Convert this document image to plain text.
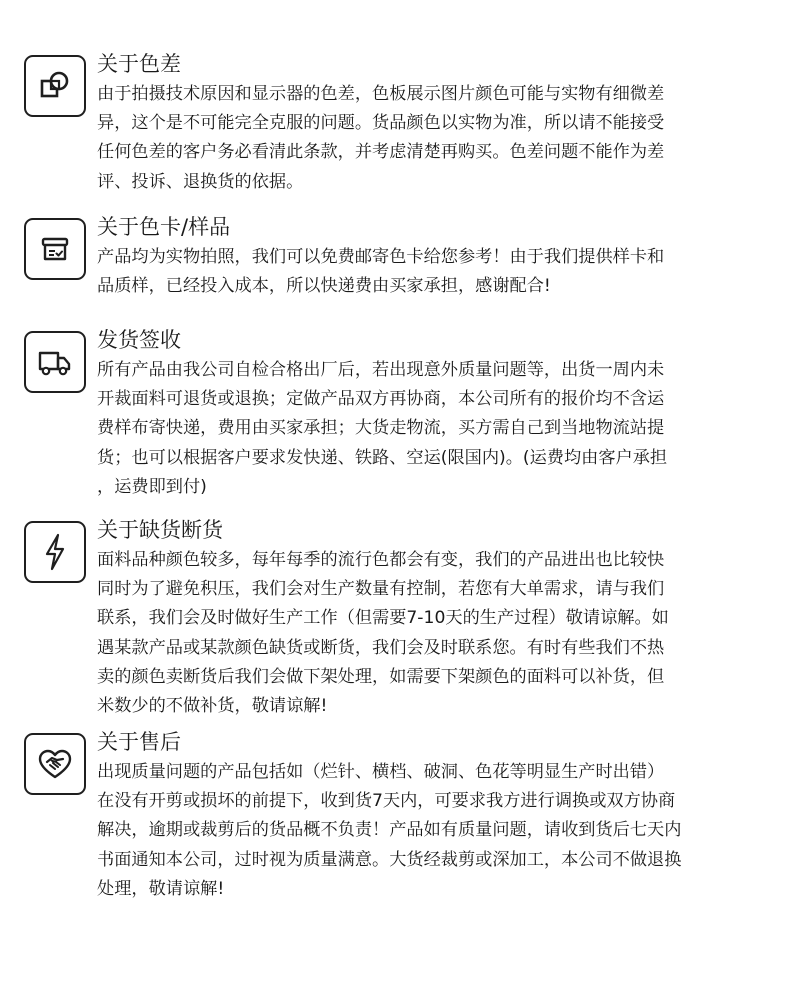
关于色差
由于拍摄技术原因和显示器的色差，色板展示图片颜色可能与实物有细微差
异，这个是不可能完全克服的问题。货品颜色以实物为准，所以请不能接受
任何色差的客户务必看清此条款，并考虑清楚再购买。色差问题不能作为差
评、投诉、退换货的依据。
关于色卡/样品
产品均为实物拍照，我们可以免费邮寄色卡给您参考！由于我们提供样卡和
品质样，已经投入成本，所以快递费由买家承担，感谢配合!
发货签收
所有产品由我公司自检合格出厂后，若出现意外质量问题等，出货一周内未
开裁面料可退货或退换；定做产品双方再协商，本公司所有的报价均不含运
费样布寄快递，费用由买家承担；大货走物流，买方需自己到当地物流站提
货；也可以根据客户要求发快递、铁路、空运(限国内)。(运费均由客户承担
，运费即到付)
关于缺货断货
面料品种颜色较多，每年每季的流行色都会有变，我们的产品进出也比较快
同时为了避免积压，我们会对生产数量有控制，若您有大单需求，请与我们
联系，我们会及时做好生产工作（但需要7-10天的生产过程）敬请谅解。如
遇某款产品或某款颜色缺货或断货，我们会及时联系您。有时有些我们不热
卖的颜色卖断货后我们会做下架处理，如需要下架颜色的面料可以补货，但
米数少的不做补货，敬请谅解!
关于售后
出现质量问题的产品包括如（烂针、横档、破洞、色花等明显生产时出错）
在没有开剪或损坏的前提下，收到货7天内，可要求我方进行调换或双方协商
解决，逾期或裁剪后的货品概不负责！产品如有质量问题，请收到货后七天内
书面通知本公司，过时视为质量满意。大货经裁剪或深加工，本公司不做退换
处理，敬请谅解!
